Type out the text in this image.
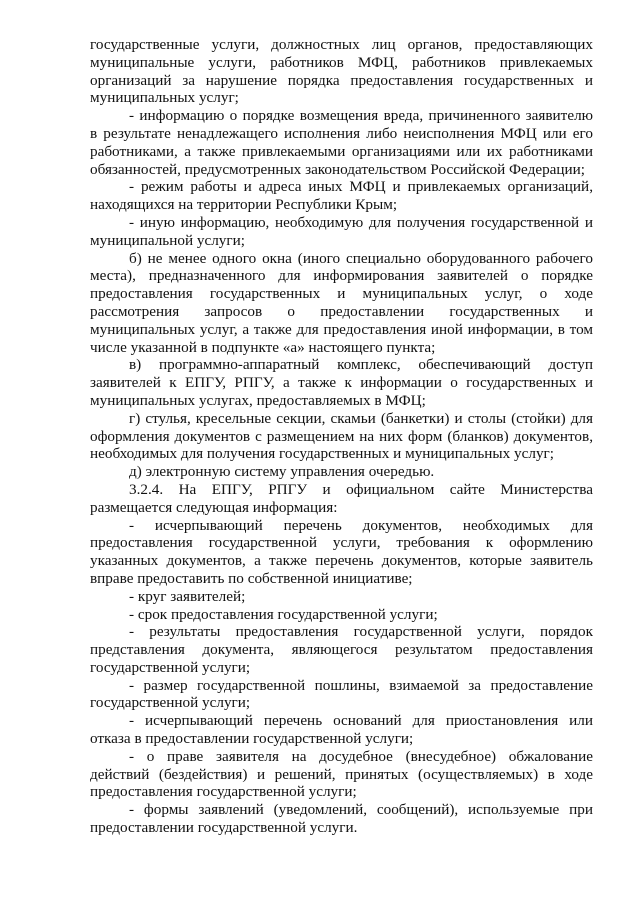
государственные услуги, должностных лиц органов, предоставляющих муниципальные услуги, работников МФЦ, работников привлекаемых организаций за нарушение порядка предоставления государственных и муниципальных услуг;

- информацию о порядке возмещения вреда, причиненного заявителю в результате ненадлежащего исполнения либо неисполнения МФЦ или его работниками, а также привлекаемыми организациями или их работниками обязанностей, предусмотренных законодательством Российской Федерации;

- режим работы и адреса иных МФЦ и привлекаемых организаций, находящихся на территории Республики Крым;

- иную информацию, необходимую для получения государственной и муниципальной услуги;

б) не менее одного окна (иного специально оборудованного рабочего места), предназначенного для информирования заявителей о порядке предоставления государственных и муниципальных услуг, о ходе рассмотрения запросов о предоставлении государственных и муниципальных услуг, а также для предоставления иной информации, в том числе указанной в подпункте «а» настоящего пункта;

в) программно-аппаратный комплекс, обеспечивающий доступ заявителей к ЕПГУ, РПГУ, а также к информации о государственных и муниципальных услугах, предоставляемых в МФЦ;

г) стулья, кресельные секции, скамьи (банкетки) и столы (стойки) для оформления документов с размещением на них форм (бланков) документов, необходимых для получения государственных и муниципальных услуг;

д) электронную систему управления очередью.

3.2.4. На ЕПГУ, РПГУ и официальном сайте Министерства размещается следующая информация:

- исчерпывающий перечень документов, необходимых для предоставления государственной услуги, требования к оформлению указанных документов, а также перечень документов, которые заявитель вправе предоставить по собственной инициативе;

- круг заявителей;

- срок предоставления государственной услуги;

- результаты предоставления государственной услуги, порядок представления документа, являющегося результатом предоставления государственной услуги;

- размер государственной пошлины, взимаемой за предоставление государственной услуги;

- исчерпывающий перечень оснований для приостановления или отказа в предоставлении государственной услуги;

- о праве заявителя на досудебное (внесудебное) обжалование действий (бездействия) и решений, принятых (осуществляемых) в ходе предоставления государственной услуги;

- формы заявлений (уведомлений, сообщений), используемые при предоставлении государственной услуги.
